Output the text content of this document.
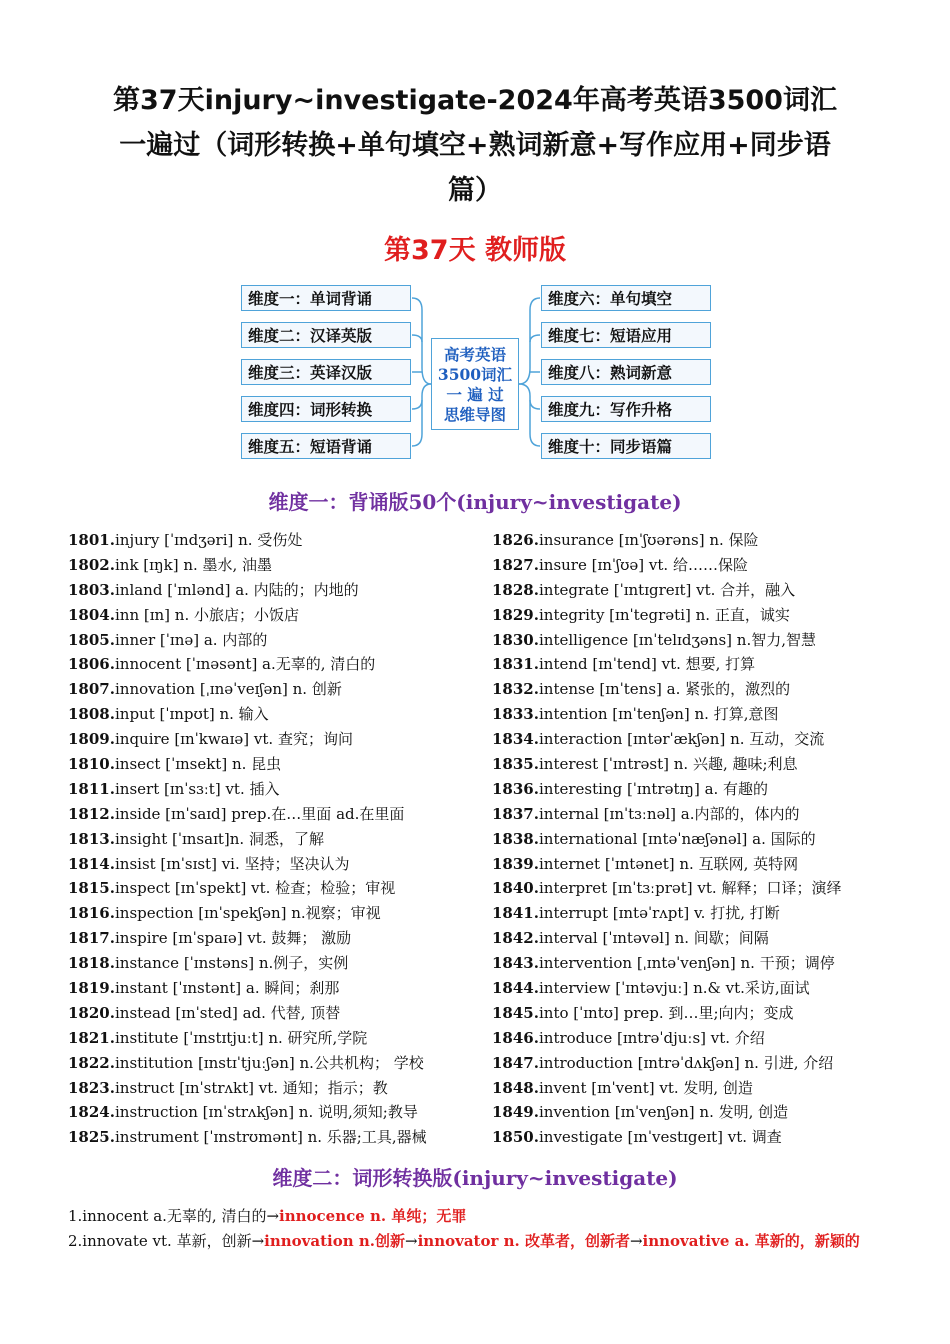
第37天injury~investigate-2024年高考英语3500词汇
一遍过（词形转换+单句填空+熟词新意+写作应用+同步语
篇）
第37天 教师版
维度一：单词背诵
维度二：汉译英版
维度三：英译汉版
维度四：词形转换
维度五：短语背诵
高考英语
3500词汇
一 遍 过
思维导图
维度六：单句填空
维度七：短语应用
维度八：熟词新意
维度九：写作升格
维度十：同步语篇
维度一：背诵版50个(injury~investigate)
1801.injury [ˈɪndʒəri] n. 受伤处
1802.ink [ɪŋk] n. 墨水, 油墨
1803.inland [ˈɪnlənd] a. 内陆的；内地的
1804.inn [ɪn] n. 小旅店；小饭店
1805.inner [ˈɪnə] a. 内部的
1806.innocent [ˈɪnəsənt] a.无辜的, 清白的
1807.innovation [ˌɪnəˈveɪʃən] n. 创新
1808.input [ˈɪnpʊt] n. 输入
1809.inquire [ɪnˈkwaɪə] vt. 查究；询问
1810.insect [ˈɪnsekt] n. 昆虫
1811.insert [ɪnˈsɜːt] vt. 插入
1812.inside [ɪnˈsaɪd] prep.在…里面 ad.在里面
1813.insight [ˈɪnsaɪt]n. 洞悉，了解
1814.insist [ɪnˈsɪst] vi. 坚持；坚决认为
1815.inspect [ɪnˈspekt] vt. 检查；检验；审视
1816.inspection [ɪnˈspekʃən] n.视察；审视
1817.inspire [ɪnˈspaɪə] vt. 鼓舞； 激励
1818.instance [ˈɪnstəns] n.例子，实例
1819.instant [ˈɪnstənt] a. 瞬间；刹那
1820.instead [ɪnˈsted] ad. 代替, 顶替
1821.institute [ˈɪnstɪtjuːt] n. 研究所,学院
1822.institution [ɪnstɪˈtjuːʃən] n.公共机构； 学校
1823.instruct [ɪnˈstrʌkt] vt. 通知；指示；教
1824.instruction [ɪnˈstrʌkʃən] n. 说明,须知;教导
1825.instrument [ˈɪnstrʊmənt] n. 乐器;工具,器械
1826.insurance [ɪnˈʃʊərəns] n. 保险
1827.insure [ɪnˈʃʊə] vt. 给……保险
1828.integrate [ˈɪntɪgreɪt] vt. 合并，融入
1829.integrity [ɪnˈtegrəti] n. 正直，诚实
1830.intelligence [ɪnˈtelɪdʒəns] n.智力,智慧
1831.intend [ɪnˈtend] vt. 想要, 打算
1832.intense [ɪnˈtens] a. 紧张的，激烈的
1833.intention [ɪnˈtenʃən] n. 打算,意图
1834.interaction [ɪntərˈækʃən] n. 互动，交流
1835.interest [ˈɪntrəst] n. 兴趣, 趣味;利息
1836.interesting [ˈɪntrətɪŋ] a. 有趣的
1837.internal [ɪnˈtɜːnəl] a.内部的，体内的
1838.international [ɪntəˈnæʃənəl] a. 国际的
1839.internet [ˈɪntənet] n. 互联网, 英特网
1840.interpret [ɪnˈtɜːprət] vt. 解释；口译；演绎
1841.interrupt [ɪntəˈrʌpt] v. 打扰, 打断
1842.interval [ˈɪntəvəl] n. 间歇；间隔
1843.intervention [ˌɪntəˈvenʃən] n. 干预；调停
1844.interview [ˈɪntəvjuː] n.& vt.采访,面试
1845.into [ˈɪntʊ] prep. 到…里;向内；变成
1846.introduce [ɪntrəˈdjuːs] vt. 介绍
1847.introduction [ɪntrəˈdʌkʃən] n. 引进, 介绍
1848.invent [ɪnˈvent] vt. 发明, 创造
1849.invention [ɪnˈvenʃən] n. 发明, 创造
1850.investigate [ɪnˈvestɪgeɪt] vt. 调查
维度二：词形转换版(injury~investigate)
1.innocent a.无辜的, 清白的→innocence n. 单纯；无罪
2.innovate vt. 革新，创新→innovation n.创新→innovator n. 改革者，创新者→innovative a. 革新的，新颖的
